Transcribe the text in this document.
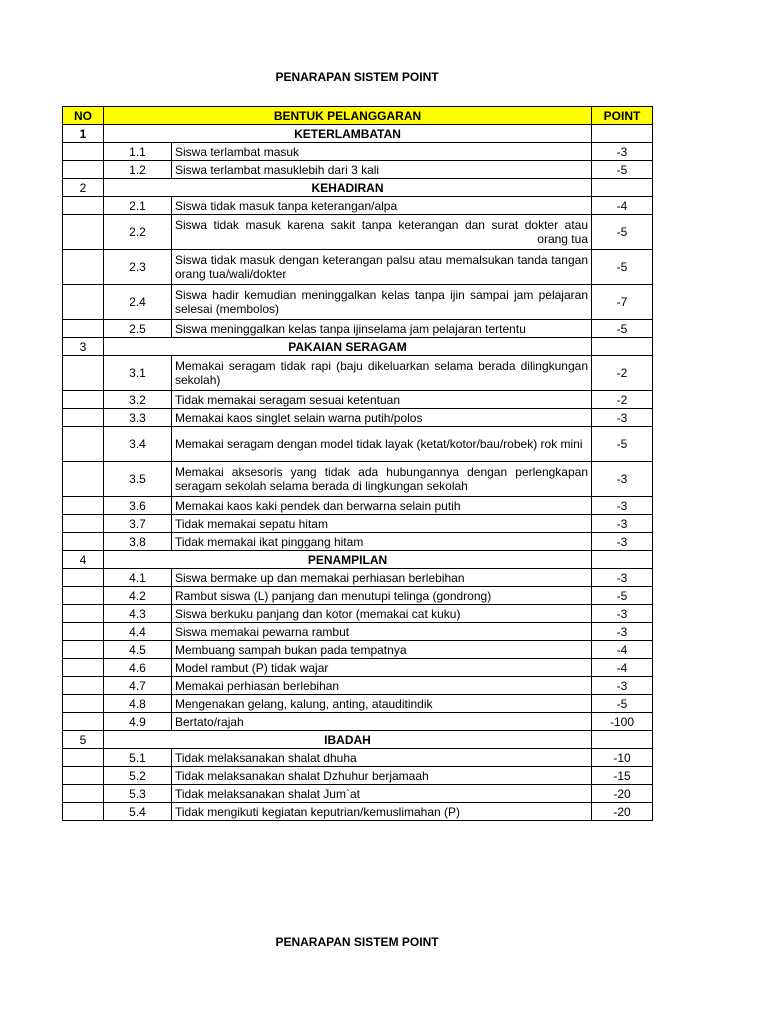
PENARAPAN SISTEM POINT
NO	BENTUK PELANGGARAN		POINT
1	KETERLAMBATAN		
	1.1	Siswa terlambat masuk	-3
	1.2	Siswa terlambat masuklebih dari 3 kali	-5
2	KEHADIRAN		
	2.1	Siswa tidak masuk tanpa keterangan/alpa	-4
	2.2	Siswa tidak masuk karena sakit tanpa keterangan dan surat dokter atau orang tua	-5
	2.3	Siswa tidak masuk dengan keterangan palsu atau memalsukan tanda tangan orang tua/wali/dokter	-5
	2.4	Siswa hadir kemudian meninggalkan kelas tanpa ijin sampai jam pelajaran selesai (membolos)	-7
	2.5	Siswa meninggalkan kelas tanpa ijinselama jam pelajaran tertentu	-5
3	PAKAIAN SERAGAM		
	3.1	Memakai seragam tidak rapi (baju dikeluarkan selama berada dilingkungan sekolah)	-2
	3.2	Tidak memakai seragam sesuai ketentuan	-2
	3.3	Memakai kaos singlet selain warna putih/polos	-3
	3.4	Memakai seragam dengan model tidak layak (ketat/kotor/bau/robek) rok mini	-5
	3.5	Memakai aksesoris yang tidak ada hubungannya dengan perlengkapan seragam sekolah selama berada di lingkungan sekolah	-3
	3.6	Memakai kaos kaki pendek dan berwarna selain putih	-3
	3.7	Tidak memakai sepatu hitam	-3
	3.8	Tidak memakai ikat pinggang hitam	-3
4	PENAMPILAN		
	4.1	Siswa bermake up dan memakai perhiasan berlebihan	-3
	4.2	Rambut siswa (L) panjang dan menutupi telinga (gondrong)	-5
	4.3	Siswa berkuku panjang dan kotor (memakai cat kuku)	-3
	4.4	Siswa memakai pewarna rambut	-3
	4.5	Membuang sampah bukan pada tempatnya	-4
	4.6	Model rambut (P) tidak wajar	-4
	4.7	Memakai perhiasan berlebihan	-3
	4.8	Mengenakan gelang, kalung, anting, atauditindik	-5
	4.9	Bertato/rajah	-100
5	IBADAH		
	5.1	Tidak melaksanakan shalat dhuha	-10
	5.2	Tidak melaksanakan shalat Dzhuhur berjamaah	-15
	5.3	Tidak melaksanakan shalat Jum`at	-20
	5.4	Tidak mengikuti kegiatan keputrian/kemuslimahan (P)	-20
PENARAPAN SISTEM POINT
